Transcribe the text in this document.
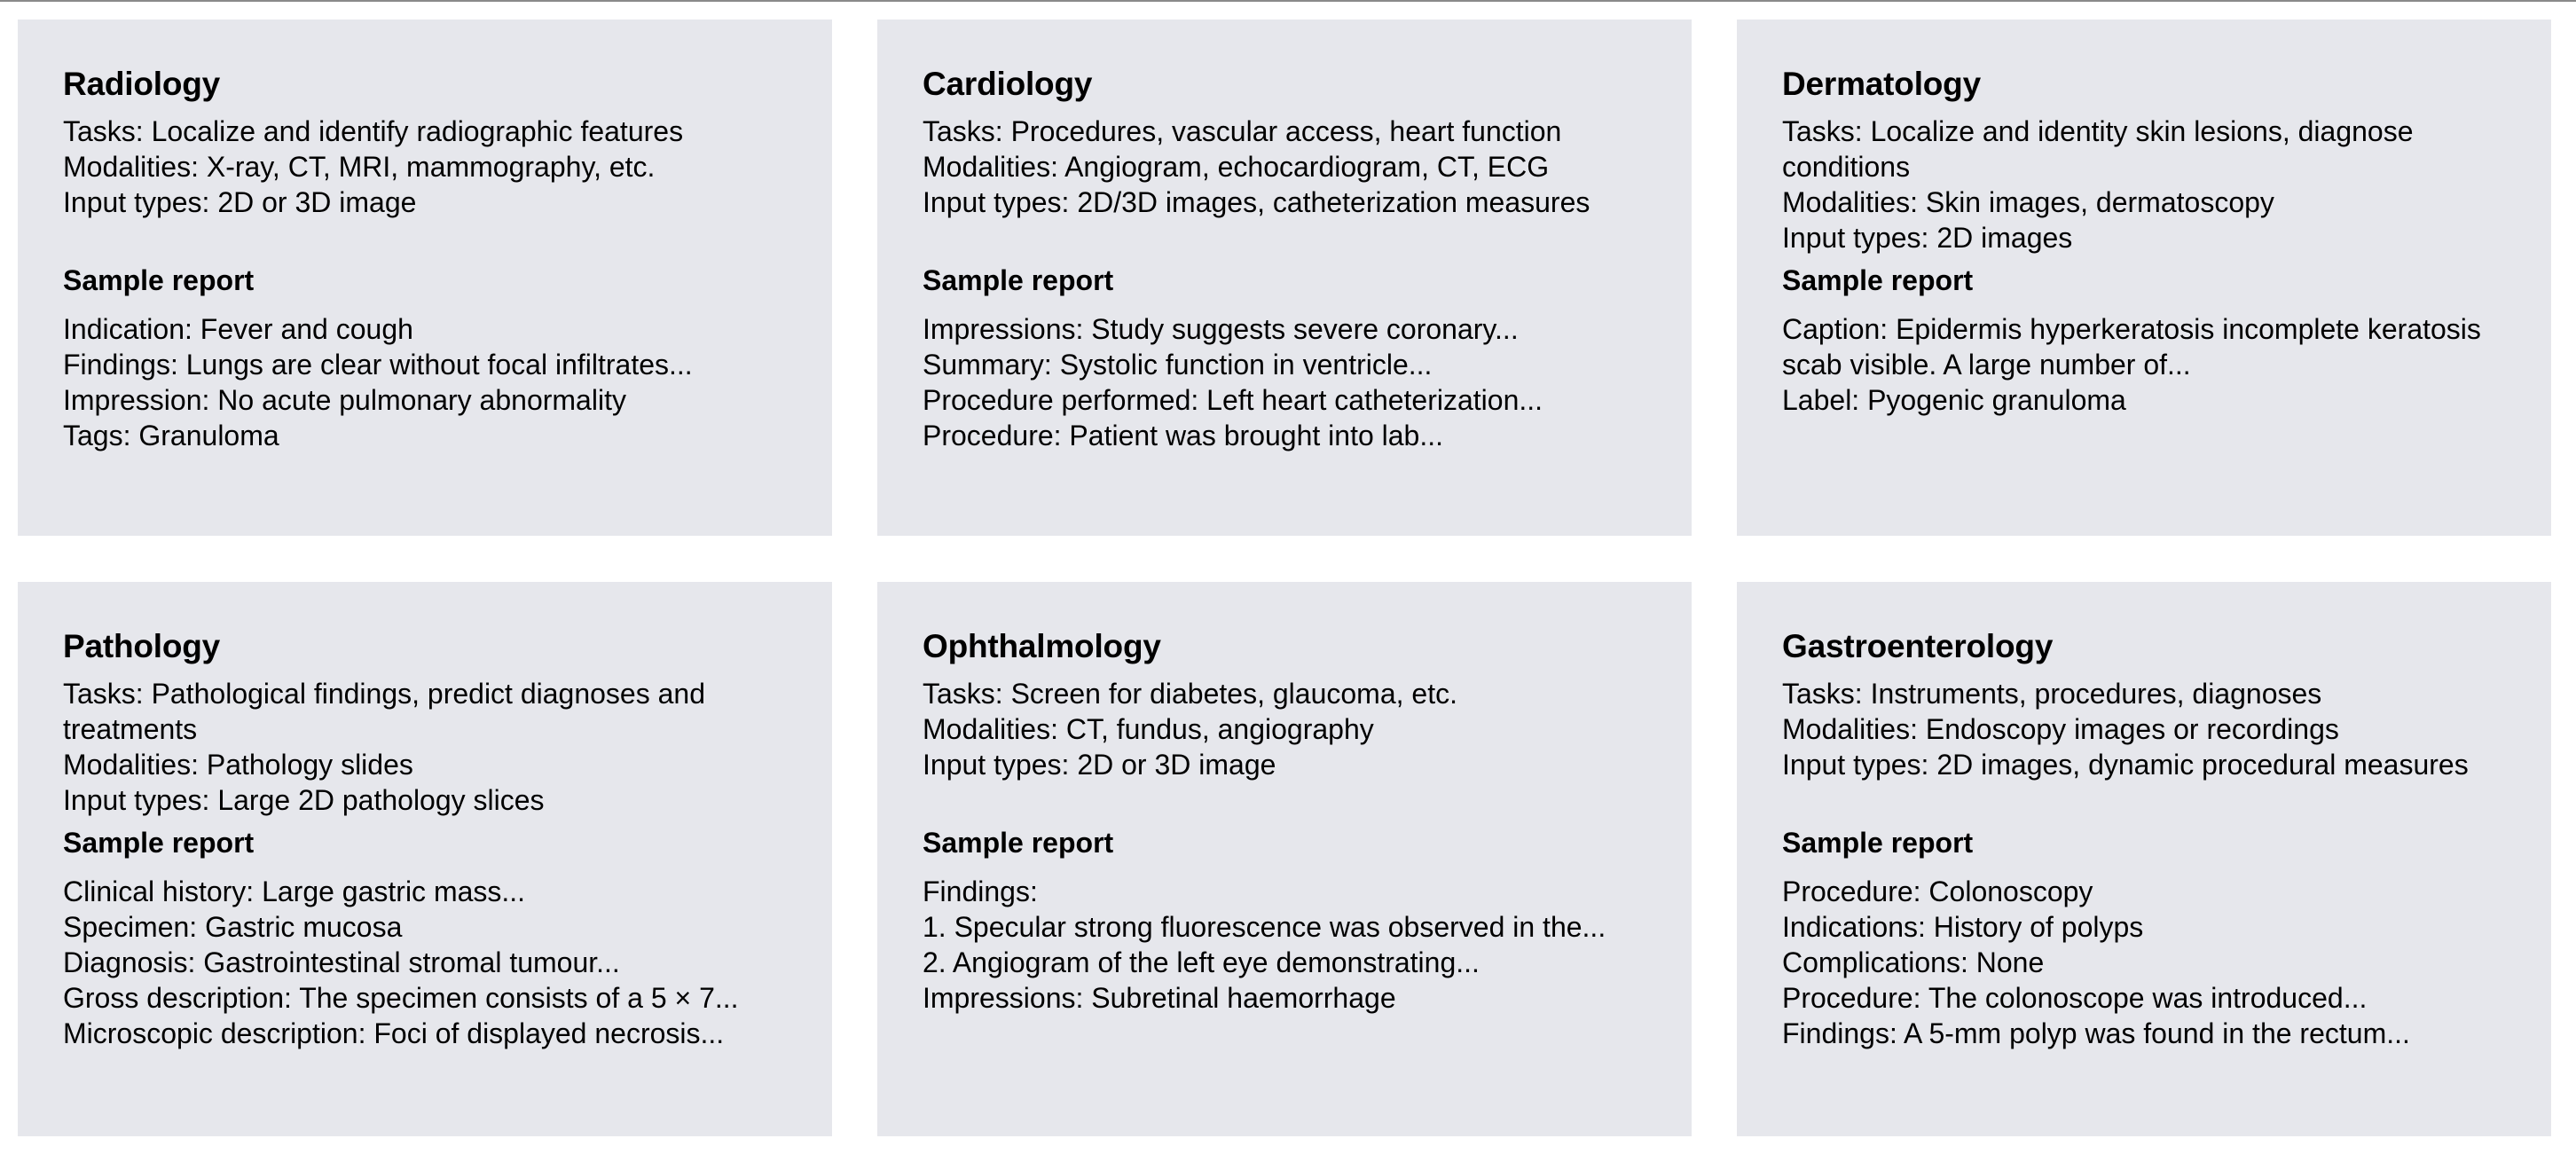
Radiology
Tasks: Localize and identify radiographic features
Modalities: X-ray, CT, MRI, mammography, etc.
Input types: 2D or 3D image
Sample report
Indication: Fever and cough
Findings: Lungs are clear without focal infiltrates...
Impression: No acute pulmonary abnormality
Tags: Granuloma
Cardiology
Tasks: Procedures, vascular access, heart function
Modalities: Angiogram, echocardiogram, CT, ECG
Input types: 2D/3D images, catheterization measures
Sample report
Impressions: Study suggests severe coronary...
Summary: Systolic function in ventricle...
Procedure performed: Left heart catheterization...
Procedure: Patient was brought into lab...
Dermatology
Tasks: Localize and identity skin lesions, diagnose conditions
Modalities: Skin images, dermatoscopy
Input types: 2D images
Sample report
Caption: Epidermis hyperkeratosis incomplete keratosis scab visible. A large number of...
Label: Pyogenic granuloma
Pathology
Tasks: Pathological findings, predict diagnoses and treatments
Modalities: Pathology slides
Input types: Large 2D pathology slices
Sample report
Clinical history: Large gastric mass...
Specimen: Gastric mucosa
Diagnosis: Gastrointestinal stromal tumour...
Gross description: The specimen consists of a 5 × 7...
Microscopic description: Foci of displayed necrosis...
Ophthalmology
Tasks: Screen for diabetes, glaucoma, etc.
Modalities: CT, fundus, angiography
Input types: 2D or 3D image
Sample report
Findings:
1. Specular strong fluorescence was observed in the...
2. Angiogram of the left eye demonstrating...
Impressions: Subretinal haemorrhage
Gastroenterology
Tasks: Instruments, procedures, diagnoses
Modalities: Endoscopy images or recordings
Input types: 2D images, dynamic procedural measures
Sample report
Procedure: Colonoscopy
Indications: History of polyps
Complications: None
Procedure: The colonoscope was introduced...
Findings: A 5-mm polyp was found in the rectum...
